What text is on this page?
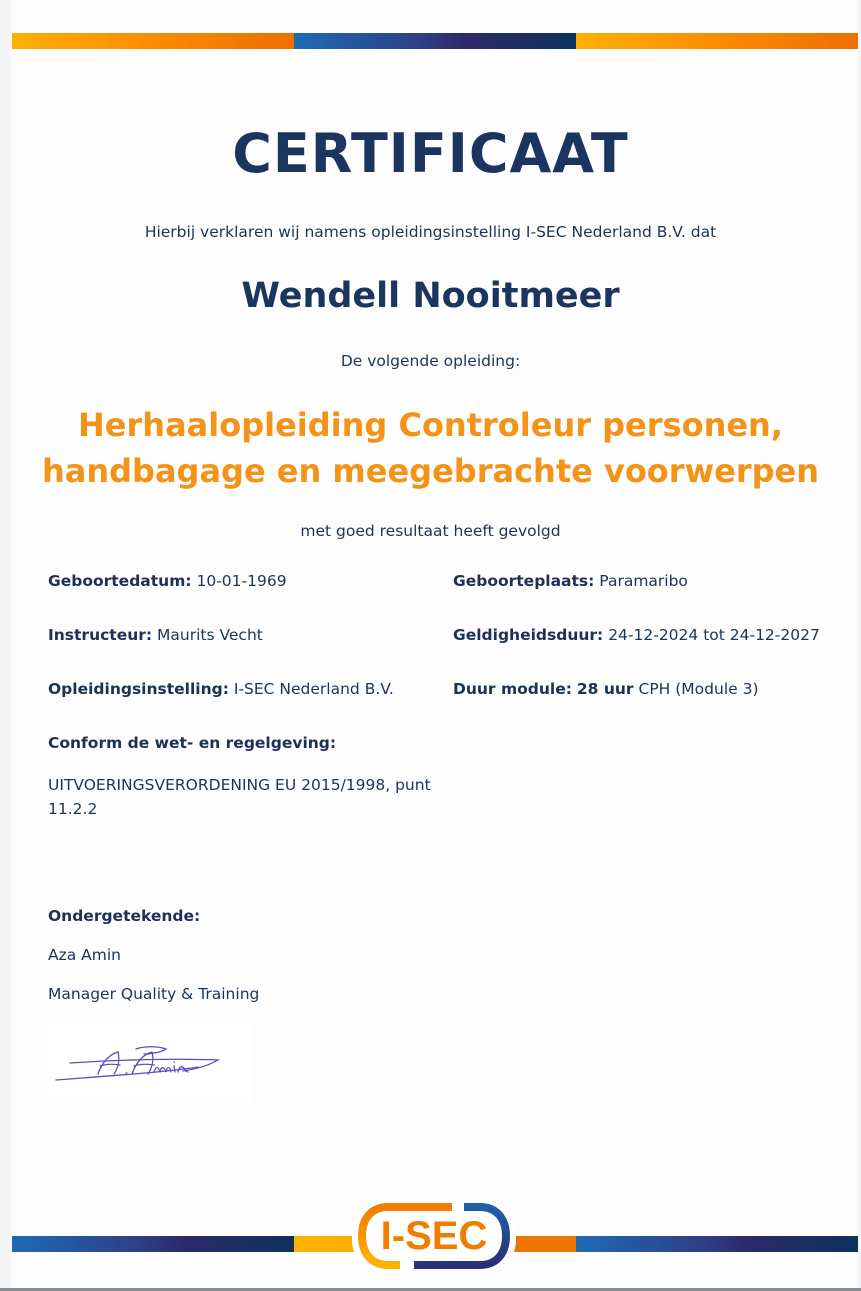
CERTIFICAAT
Hierbij verklaren wij namens opleidingsinstelling I-SEC Nederland B.V. dat
Wendell Nooitmeer
De volgende opleiding:
Herhaalopleiding Controleur personen,
handbagage en meegebrachte voorwerpen
met goed resultaat heeft gevolgd
Geboortedatum: 10-01-1969	Geboorteplaats: Paramaribo
Instructeur: Maurits Vecht	Geldigheidsduur: 24-12-2024 tot 24-12-2027
Opleidingsinstelling: I-SEC Nederland B.V.	Duur module: 28 uur CPH (Module 3)
Conform de wet- en regelgeving:
UITVOERINGSVERORDENING EU 2015/1998, punt 11.2.2
Ondergetekende:
Aza Amin
Manager Quality & Training
I-SEC
